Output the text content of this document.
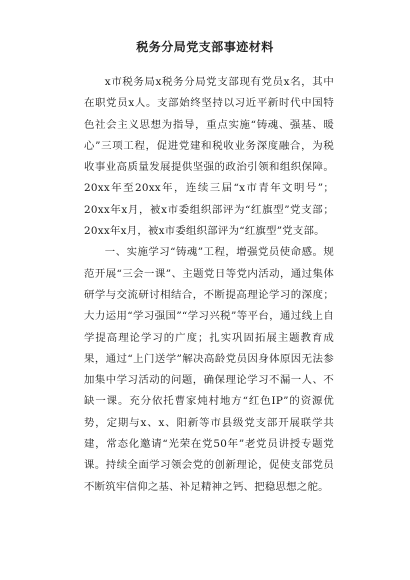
税务分局党支部事迹材料

x市税务局x税务分局党支部现有党员x名，其中在职党员x人。支部始终坚持以习近平新时代中国特色社会主义思想为指导，重点实施“铸魂、强基、暖心”三项工程，促进党建和税收业务深度融合，为税收事业高质量发展提供坚强的政治引领和组织保障。20xx年至20xx年，连续三届“x市青年文明号”；20xx年x月，被x市委组织部评为“红旗型”党支部；20xx年x月，被x市委组织部评为“红旗型”党支部。

一、实施学习“铸魂”工程，增强党员使命感。规范开展“三会一课”、主题党日等党内活动，通过集体研学与交流研讨相结合，不断提高理论学习的深度；大力运用“学习强国”“学习兴税”等平台，通过线上自学提高理论学习的广度；扎实巩固拓展主题教育成果，通过“上门送学”解决高龄党员因身体原因无法参加集中学习活动的问题，确保理论学习不漏一人、不缺一课。充分依托曹家炖村地方“红色IP”的资源优势，定期与x、x、阳新等市县级党支部开展联学共建，常态化邀请“光荣在党50年”老党员讲授专题党课。持续全面学习领会党的创新理论，促使支部党员不断筑牢信仰之基、补足精神之钙、把稳思想之舵。
